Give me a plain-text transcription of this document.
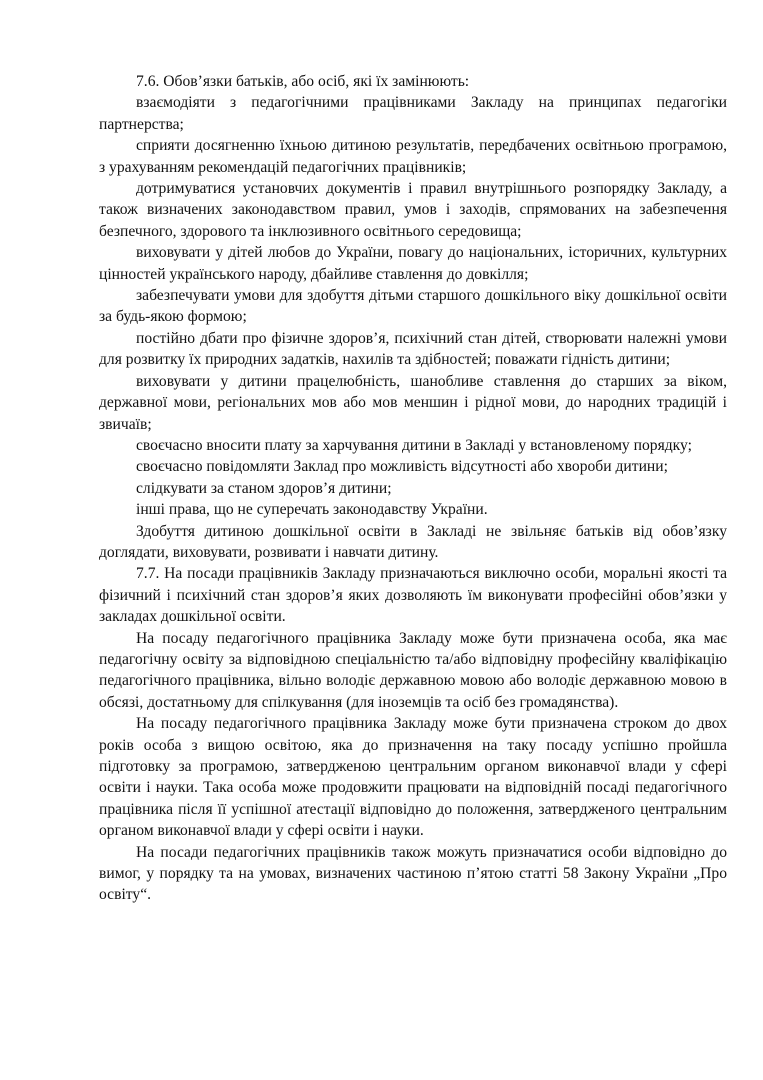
7.6. Обов’язки батьків, або осіб, які їх замінюють:

взаємодіяти з педагогічними працівниками Закладу на принципах педагогіки партнерства;

сприяти досягненню їхньою дитиною результатів, передбачених освітньою програмою, з урахуванням рекомендацій педагогічних працівників;

дотримуватися установчих документів і правил внутрішнього розпорядку Закладу, а також визначених законодавством правил, умов і заходів, спрямованих на забезпечення безпечного, здорового та інклюзивного освітнього середовища;

виховувати у дітей любов до України, повагу до національних, історичних, культурних цінностей українського народу, дбайливе ставлення до довкілля;

забезпечувати умови для здобуття дітьми старшого дошкільного віку дошкільної освіти за будь-якою формою;

постійно дбати про фізичне здоров’я, психічний стан дітей, створювати належні умови для розвитку їх природних задатків, нахилів та здібностей; поважати гідність дитини;

виховувати у дитини працелюбність, шанобливе ставлення до старших за віком, державної мови, регіональних мов або мов меншин і рідної мови, до народних традицій і звичаїв;

своєчасно вносити плату за харчування дитини в Закладі у встановленому порядку;

своєчасно повідомляти Заклад про можливість відсутності або хвороби дитини;

слідкувати за станом здоров’я дитини;

інші права, що не суперечать законодавству України.

Здобуття дитиною дошкільної освіти в Закладі не звільняє батьків від обов’язку доглядати, виховувати, розвивати і навчати дитину.

7.7. На посади працівників Закладу призначаються виключно особи, моральні якості та фізичний і психічний стан здоров’я яких дозволяють їм виконувати професійні обов’язки у закладах дошкільної освіти.

На посаду педагогічного працівника Закладу може бути призначена особа, яка має педагогічну освіту за відповідною спеціальністю та/або відповідну професійну кваліфікацію педагогічного працівника, вільно володіє державною мовою або володіє державною мовою в обсязі, достатньому для спілкування (для іноземців та осіб без громадянства).

На посаду педагогічного працівника Закладу може бути призначена строком до двох років особа з вищою освітою, яка до призначення на таку посаду успішно пройшла підготовку за програмою, затвердженою центральним органом виконавчої влади у сфері освіти і науки. Така особа може продовжити працювати на відповідній посаді педагогічного працівника після її успішної атестації відповідно до положення, затвердженого центральним органом виконавчої влади у сфері освіти і науки.

На посади педагогічних працівників також можуть призначатися особи відповідно до вимог, у порядку та на умовах, визначених частиною п’ятою статті 58 Закону України „Про освіту“.
